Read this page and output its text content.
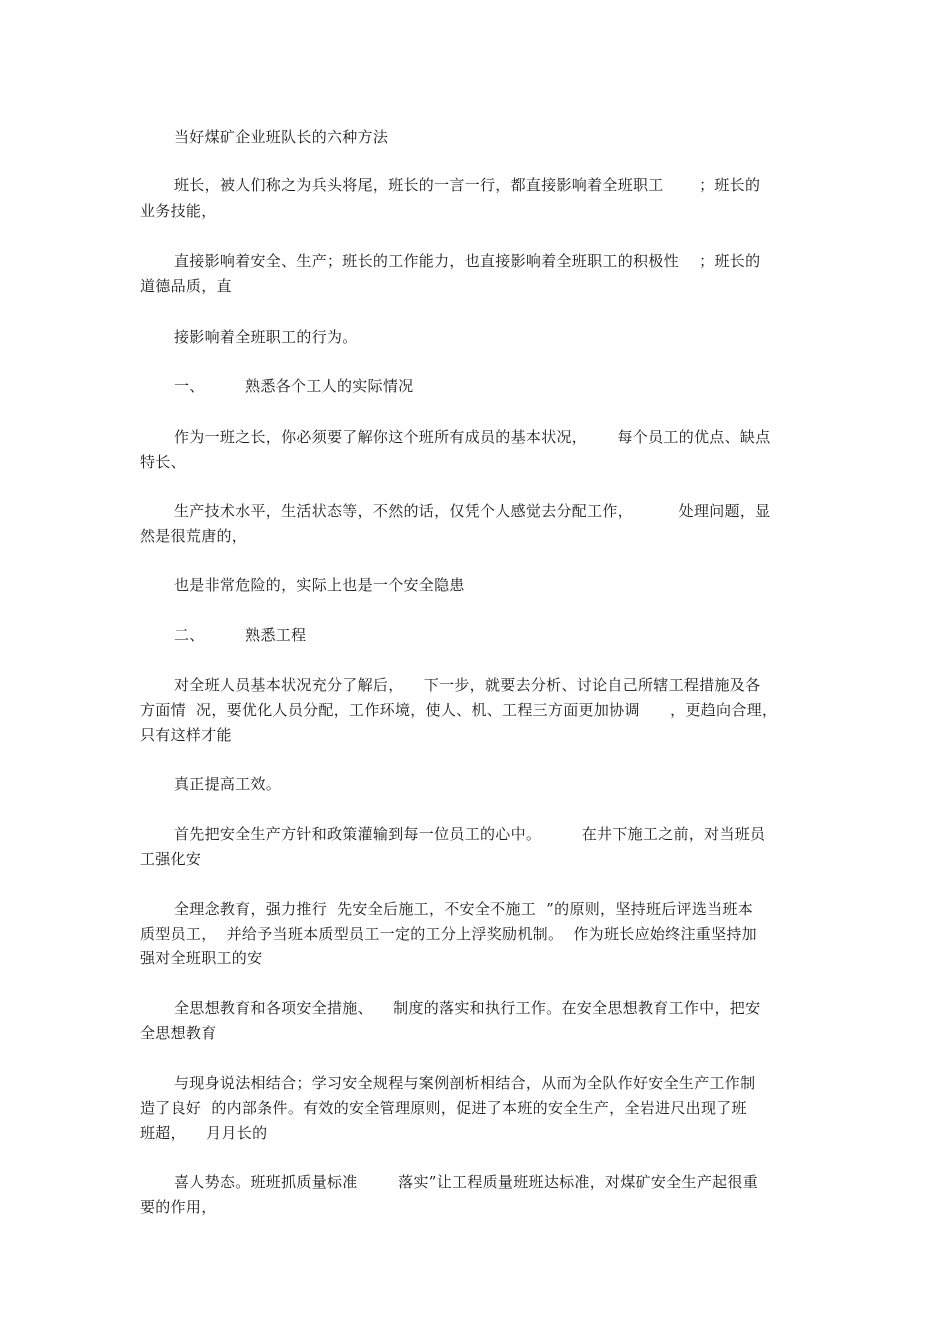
当好煤矿企业班队长的六种方法
班长，被人们称之为兵头将尾，班长的一言一行，都直接影响着全班职工       ；班长的
业务技能，
直接影响着安全、生产；班长的工作能力，也直接影响着全班职工的积极性    ；班长的
道德品质，直
接影响着全班职工的行为。
一、        熟悉各个工人的实际情况
作为一班之长，你必须要了解你这个班所有成员的基本状况，      每个员工的优点、缺点
特长、
生产技术水平，生活状态等，不然的话，仅凭个人感觉去分配工作，         处理问题，显
然是很荒唐的，
也是非常危险的，实际上也是一个安全隐患
二、        熟悉工程
对全班人员基本状况充分了解后，    下一步，就要去分析、讨论自己所辖工程措施及各
方面情  况，要优化人员分配，工作环境，使人、机、工程三方面更加协调      ，更趋向合理，
只有这样才能
真正提高工效。
首先把安全生产方针和政策灌输到每一位员工的心中。        在井下施工之前，对当班员
工强化安
全理念教育，强力推行  先安全后施工，不安全不施工  ”的原则，坚持班后评选当班本
质型员工，  并给予当班本质型员工一定的工分上浮奖励机制。  作为班长应始终注重坚持加
强对全班职工的安
全思想教育和各项安全措施、    制度的落实和执行工作。在安全思想教育工作中，把安
全思想教育
与现身说法相结合；学习安全规程与案例剖析相结合，从而为全队作好安全生产工作制
造了良好  的内部条件。有效的安全管理原则，促进了本班的安全生产，全岩进尺出现了班
班超，    月月长的
喜人势态。班班抓质量标准        落实”让工程质量班班达标准，对煤矿安全生产起很重
要的作用，
